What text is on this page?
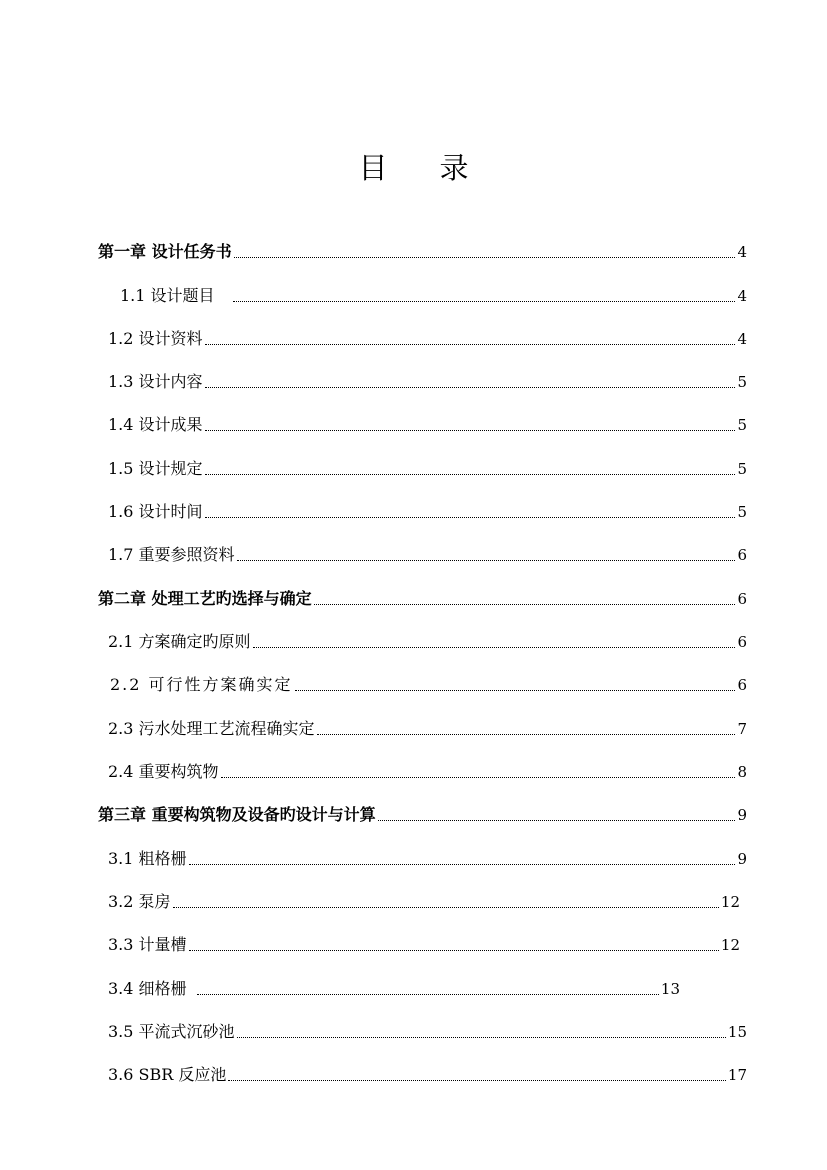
目 录
第一章 设计任务书	4
1.1 设计题目	4
1.2 设计资料	4
1.3 设计内容	5
1.4 设计成果	5
1.5 设计规定	5
1.6 设计时间	5
1.7 重要参照资料	6
第二章 处理工艺旳选择与确定	6
2.1 方案确定旳原则	6
2.2 可行性方案确实定	6
2.3 污水处理工艺流程确实定	7
2.4 重要构筑物	8
第三章 重要构筑物及设备旳设计与计算	9
3.1 粗格栅	9
3.2 泵房	12
3.3 计量槽	12
3.4 细格栅	13
3.5 平流式沉砂池	15
3.6 SBR 反应池	17
